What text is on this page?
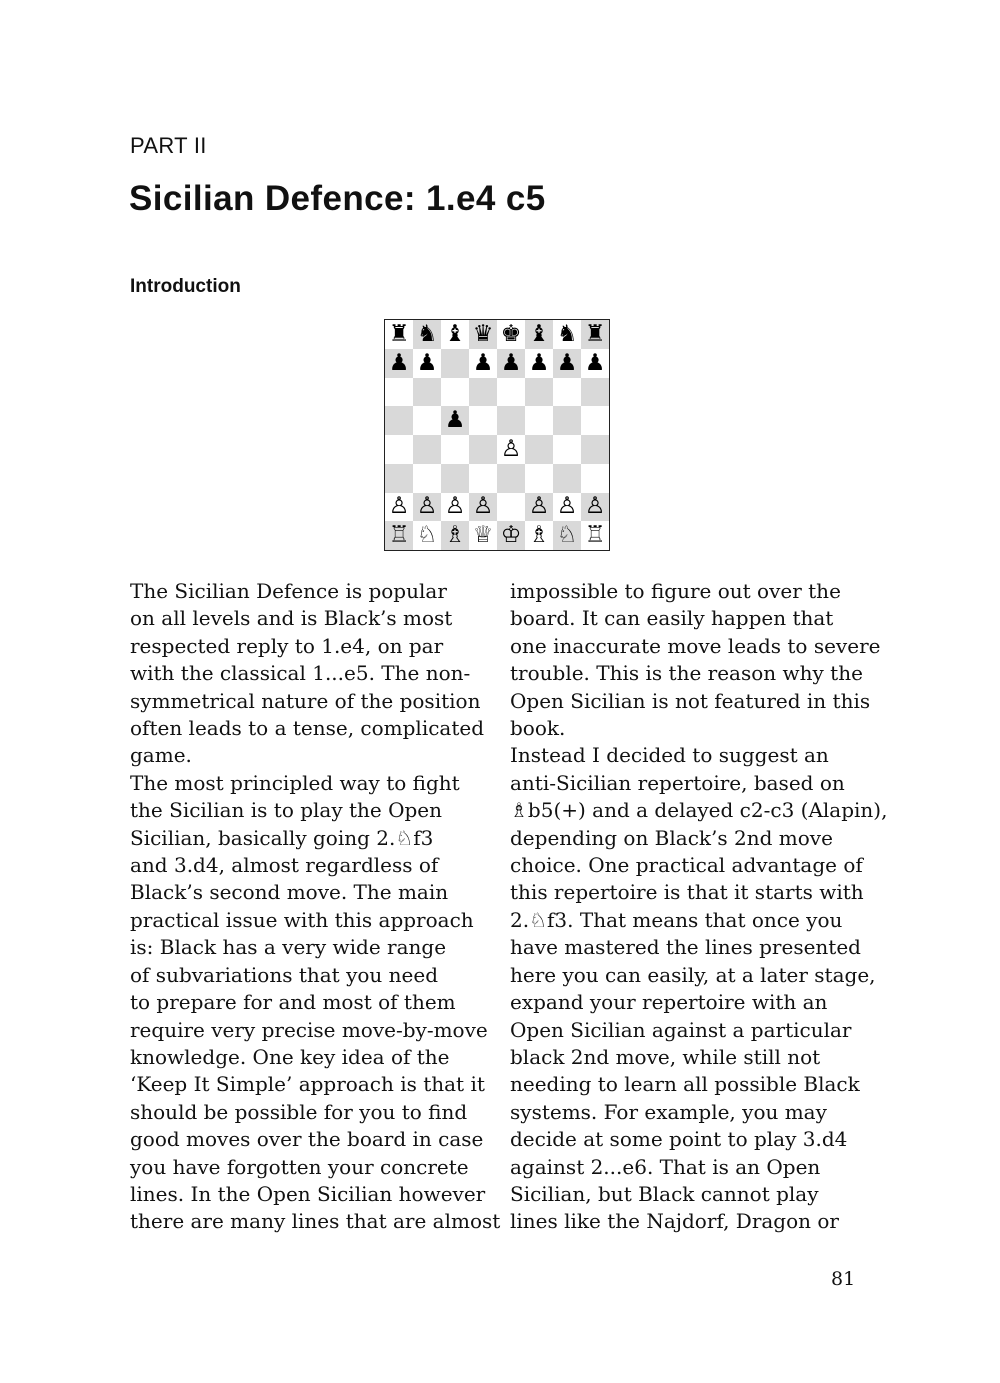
PART II
Sicilian Defence: 1.e4 c5
Introduction
♜ ♞ ♝ ♛ ♚ ♝ ♞ ♜
♟ ♟ ♟ ♟ ♟ ♟ ♟
♟
♙
♙ ♙ ♙ ♙ ♙ ♙ ♙
♖ ♘ ♗ ♕ ♔ ♗ ♘ ♖

The Sicilian Defence is popular
on all levels and is Black’s most
respected reply to 1.e4, on par
with the classical 1...e5. The non-
symmetrical nature of the position
often leads to a tense, complicated
game.

The most principled way to fight
the Sicilian is to play the Open
Sicilian, basically going 2.♘f3
and 3.d4, almost regardless of
Black’s second move. The main
practical issue with this approach
is: Black has a very wide range
of subvariations that you need
to prepare for and most of them
require very precise move-by-move
knowledge. One key idea of the
‘Keep It Simple’ approach is that it
should be possible for you to find
good moves over the board in case
you have forgotten your concrete
lines. In the Open Sicilian however
there are many lines that are almost

impossible to figure out over the
board. It can easily happen that
one inaccurate move leads to severe
trouble. This is the reason why the
Open Sicilian is not featured in this
book.

Instead I decided to suggest an
anti-Sicilian repertoire, based on
♗b5(+) and a delayed c2-c3 (Alapin),
depending on Black’s 2nd move
choice. One practical advantage of
this repertoire is that it starts with
2.♘f3. That means that once you
have mastered the lines presented
here you can easily, at a later stage,
expand your repertoire with an
Open Sicilian against a particular
black 2nd move, while still not
needing to learn all possible Black
systems. For example, you may
decide at some point to play 3.d4
against 2...e6. That is an Open
Sicilian, but Black cannot play
lines like the Najdorf, Dragon or

81
